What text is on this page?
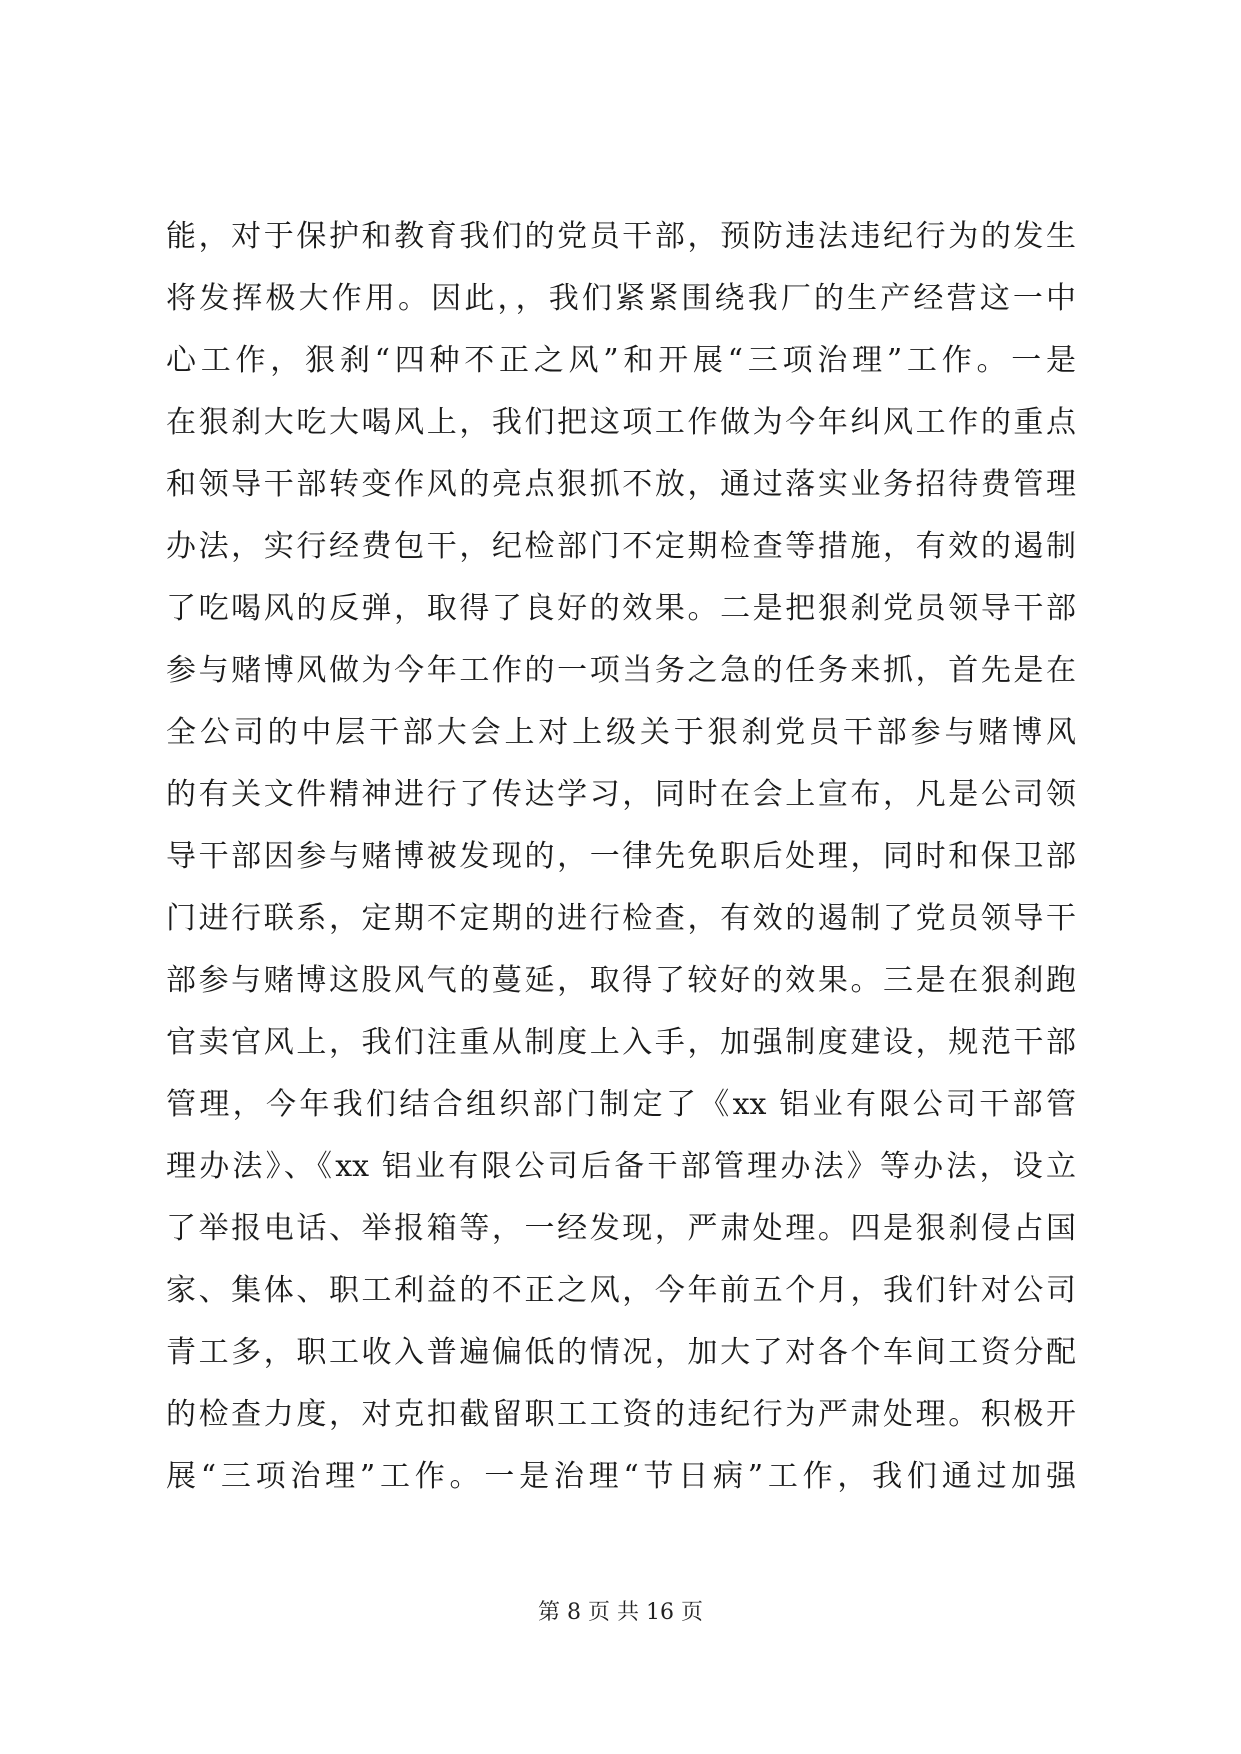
能，对于保护和教育我们的党员干部，预防违法违纪行为的发生
将发挥极大作用。因此，，我们紧紧围绕我厂的生产经营这一中
心工作，狠刹“四种不正之风”和开展“三项治理”工作。一是
在狠刹大吃大喝风上，我们把这项工作做为今年纠风工作的重点
和领导干部转变作风的亮点狠抓不放，通过落实业务招待费管理
办法，实行经费包干，纪检部门不定期检查等措施，有效的遏制
了吃喝风的反弹，取得了良好的效果。二是把狠刹党员领导干部
参与赌博风做为今年工作的一项当务之急的任务来抓，首先是在
全公司的中层干部大会上对上级关于狠刹党员干部参与赌博风
的有关文件精神进行了传达学习，同时在会上宣布，凡是公司领
导干部因参与赌博被发现的，一律先免职后处理，同时和保卫部
门进行联系，定期不定期的进行检查，有效的遏制了党员领导干
部参与赌博这股风气的蔓延，取得了较好的效果。三是在狠刹跑
官卖官风上，我们注重从制度上入手，加强制度建设，规范干部
管理，今年我们结合组织部门制定了《xx 铝业有限公司干部管
理办法》、《xx 铝业有限公司后备干部管理办法》等办法，设立
了举报电话、举报箱等，一经发现，严肃处理。四是狠刹侵占国
家、集体、职工利益的不正之风，今年前五个月，我们针对公司
青工多，职工收入普遍偏低的情况，加大了对各个车间工资分配
的检查力度，对克扣截留职工工资的违纪行为严肃处理。积极开
展“三项治理”工作。一是治理“节日病”工作，我们通过加强
第 8 页 共 16 页
